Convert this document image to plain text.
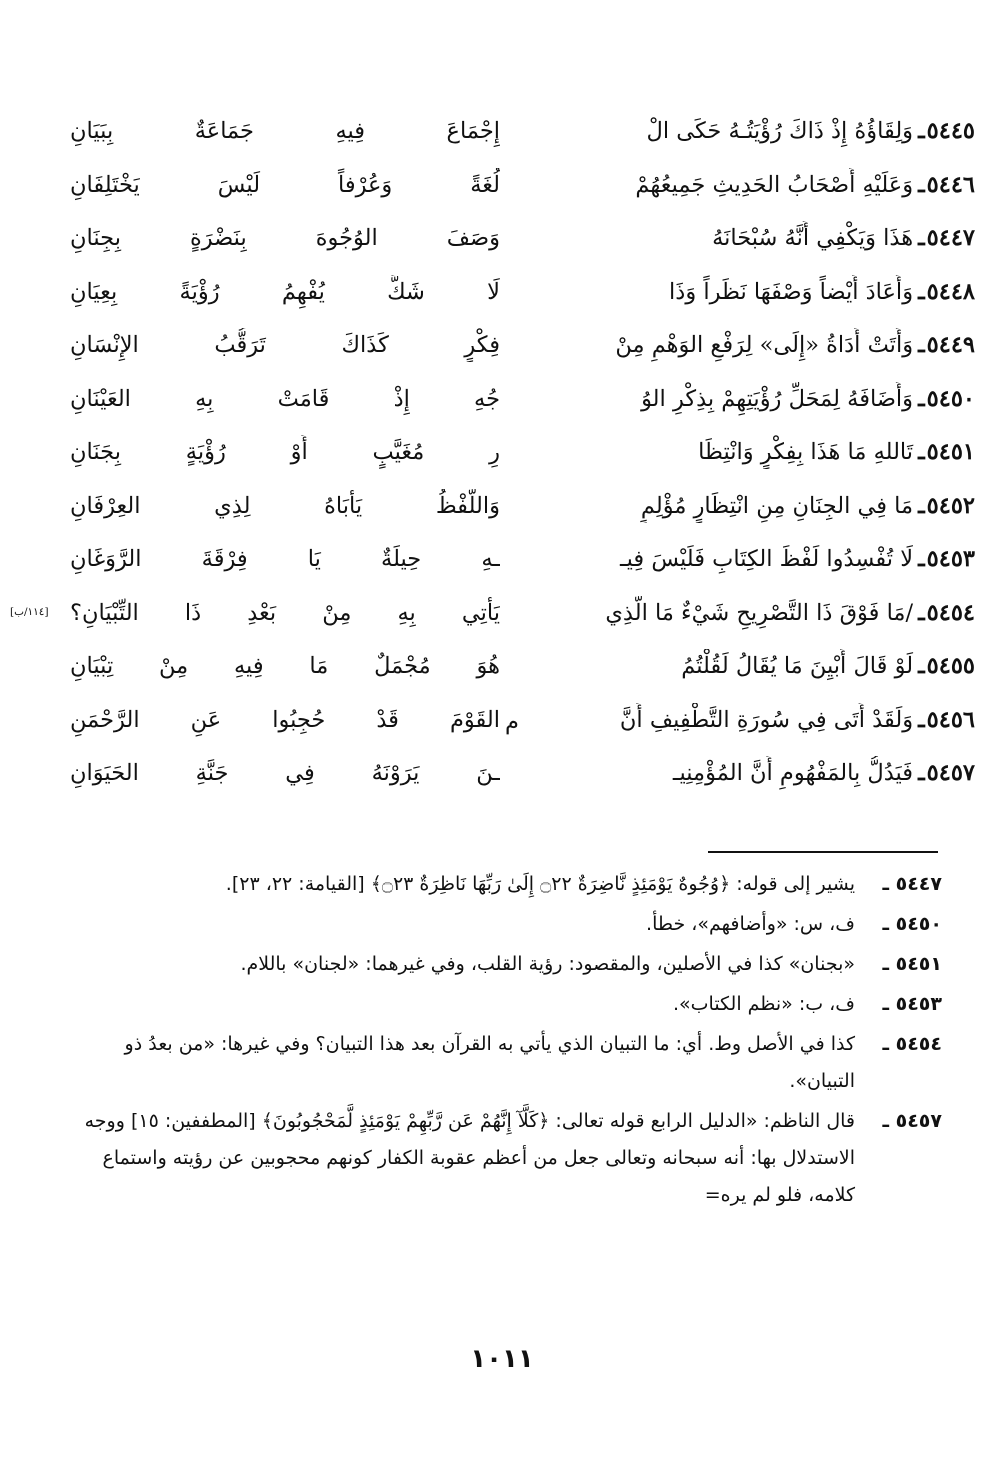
٥٤٤٥
ـ
وَلِقَاؤُهُ إِذْ ذَاكَ رُؤْيَتُـهُ حَكَى الْ
إِجْمَاعَ فِيهِ جَمَاعَةٌ بِبَيَانِ
٥٤٤٦
ـ
وَعَلَيْهِ أَصْحَابُ الحَدِيثِ جَمِيعُهُمْ
لُغَةً وَعُرْفاً لَيْسَ يَخْتَلِفَانِ
٥٤٤٧
ـ
هَذَا وَيَكْفِي أَنَّهُ سُبْحَانَهُ
وَصَفَ الوُجُوهَ بِنَضْرَةٍ بِجِنَانِ
٥٤٤٨
ـ
وَأَعَادَ أَيْضاً وَصْفَهَا نَظَراً وَذَا
لَا شَكَّ يُفْهِمُ رُؤْيَةً بِعِيَانِ
٥٤٤٩
ـ
وَأَتَتْ أَدَاةُ «إِلَى» لِرَفْعِ الوَهْمِ مِنْ
فِكْرٍ كَذَاكَ تَرَقُّبُ الإِنْسَانِ
٥٤٥٠
ـ
وَأَضَافَهُ لِمَحَلِّ رُؤْيَتِهِمْ بِذِكْرِ الوُ
جُهِ إِذْ قَامَتْ بِهِ العَيْنَانِ
٥٤٥١
ـ
تَاللهِ مَا هَذَا بِفِكْرٍ وَانْتِظَا
رِ مُغَيَّبٍ أَوْ رُؤْيَةٍ بِجَنَانِ
٥٤٥٢
ـ
مَا فِي الجِنَانِ مِنِ انْتِظَارٍ مُؤْلِمٍ
وَاللَّفْظُ يَأْبَاهُ لِذِي العِرْفَانِ
٥٤٥٣
ـ
لَا تُفْسِدُوا لَفْظَ الكِتَابِ فَلَيْسَ فِيـ
ـهِ حِيلَةٌ يَا فِرْقَةَ الرَّوَغَانِ
٥٤٥٤
ـ
/مَا فَوْقَ ذَا التَّصْرِيحِ شَيْءٌ مَا الَّذِي
يَأْتِي بِهِ مِنْ بَعْدِ ذَا التِّبْيَانِ؟
[١١٤/ب]
٥٤٥٥
ـ
لَوْ قَالَ أَبْيِنَ مَا يُقَالُ لَقُلْتُمُ
هُوَ مُجْمَلٌ مَا فِيهِ مِنْ تِبْيَانِ
٥٤٥٦
ـ
وَلَقَدْ أَتَى فِي سُورَةِ التَّطْفِيفِ أَنَّ
القَوْمَ قَدْ حُجِبُوا عَنِ الرَّحْمَنِ م
٥٤٥٧
ـ
فَيَدُلُّ بِالمَفْهُومِ أَنَّ المُؤْمِنِيـ
ـنَ يَرَوْنَهُ فِي جَنَّةِ الحَيَوَانِ
٥٤٤٧ ـ
يشير إلى قوله: ﴿وُجُوهٌ يَوْمَئِذٍ نَّاضِرَةٌ ۝٢٢ إِلَىٰ رَبِّهَا نَاظِرَةٌ ۝٢٣﴾ [القيامة: ٢٢، ٢٣].
٥٤٥٠ ـ
ف، س: «وأضافهم»، خطأ.
٥٤٥١ ـ
«بجنان» كذا في الأصلين، والمقصود: رؤية القلب، وفي غيرهما: «لجنان» باللام.
٥٤٥٣ ـ
ف، ب: «نظم الكتاب».
٥٤٥٤ ـ
كذا في الأصل وط. أي: ما التبيان الذي يأتي به القرآن بعد هذا التبيان؟ وفي غيرها: «من بعدُ ذو التبيان».
٥٤٥٧ ـ
قال الناظم: «الدليل الرابع قوله تعالى: ﴿كَلَّآ إِنَّهُمْ عَن رَّبِّهِمْ يَوْمَئِذٍ لَّمَحْجُوبُونَ﴾ [المطففين: ١٥] ووجه الاستدلال بها: أنه سبحانه وتعالى جعل من أعظم عقوبة الكفار كونهم محجوبين عن رؤيته واستماع كلامه، فلو لم يره=
١٠١١
